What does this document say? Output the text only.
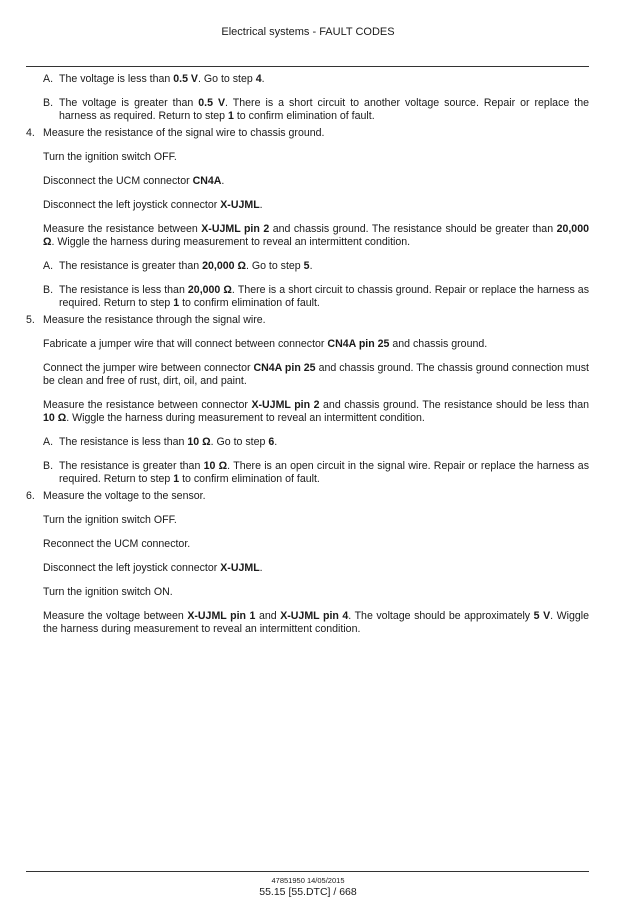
Electrical systems - FAULT CODES
A. The voltage is less than 0.5 V. Go to step 4.

B. The voltage is greater than 0.5 V. There is a short circuit to another voltage source. Repair or replace the harness as required. Return to step 1 to confirm elimination of fault.

4. Measure the resistance of the signal wire to chassis ground.

Turn the ignition switch OFF.

Disconnect the UCM connector CN4A.

Disconnect the left joystick connector X-UJML.

Measure the resistance between X-UJML pin 2 and chassis ground. The resistance should be greater than 20,000 Ω. Wiggle the harness during measurement to reveal an intermittent condition.

A. The resistance is greater than 20,000 Ω. Go to step 5.

B. The resistance is less than 20,000 Ω. There is a short circuit to chassis ground. Repair or replace the harness as required. Return to step 1 to confirm elimination of fault.

5. Measure the resistance through the signal wire.

Fabricate a jumper wire that will connect between connector CN4A pin 25 and chassis ground.

Connect the jumper wire between connector CN4A pin 25 and chassis ground. The chassis ground connection must be clean and free of rust, dirt, oil, and paint.

Measure the resistance between connector X-UJML pin 2 and chassis ground. The resistance should be less than 10 Ω. Wiggle the harness during measurement to reveal an intermittent condition.

A. The resistance is less than 10 Ω. Go to step 6.

B. The resistance is greater than 10 Ω. There is an open circuit in the signal wire. Repair or replace the harness as required. Return to step 1 to confirm elimination of fault.

6. Measure the voltage to the sensor.

Turn the ignition switch OFF.

Reconnect the UCM connector.

Disconnect the left joystick connector X-UJML.

Turn the ignition switch ON.

Measure the voltage between X-UJML pin 1 and X-UJML pin 4. The voltage should be approximately 5 V. Wiggle the harness during measurement to reveal an intermittent condition.

47851950 14/05/2015
55.15 [55.DTC] / 668
